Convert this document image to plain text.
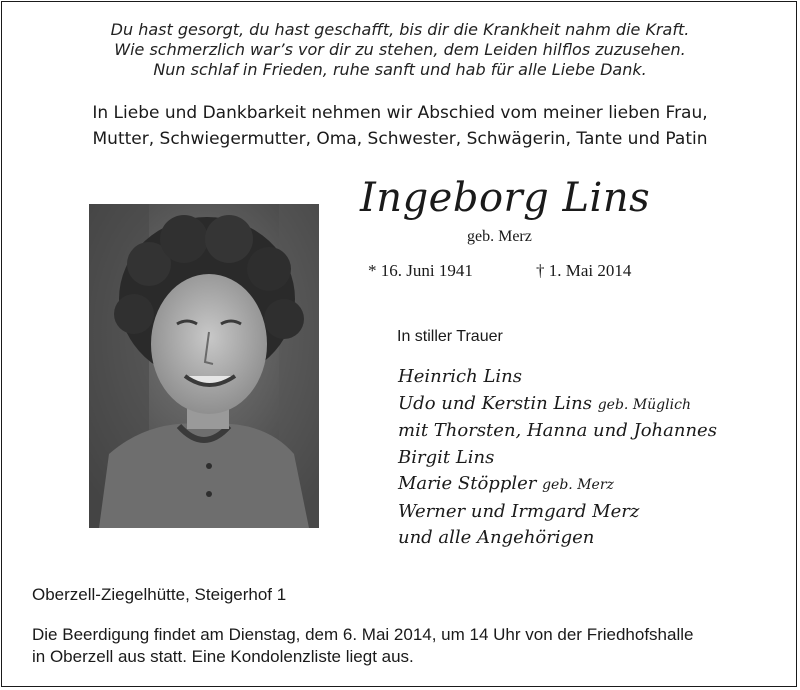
Du hast gesorgt, du hast geschafft, bis dir die Krankheit nahm die Kraft.
Wie schmerzlich war’s vor dir zu stehen, dem Leiden hilflos zuzusehen.
Nun schlaf in Frieden, ruhe sanft und hab für alle Liebe Dank.
In Liebe und Dankbarkeit nehmen wir Abschied vom meiner lieben Frau,
Mutter, Schwiegermutter, Oma, Schwester, Schwägerin, Tante und Patin
Ingeborg Lins
geb. Merz
* 16. Juni 1941	† 1. Mai 2014
In stiller Trauer
Heinrich Lins
Udo und Kerstin Lins geb. Müglich
mit Thorsten, Hanna und Johannes
Birgit Lins
Marie Stöppler geb. Merz
Werner und Irmgard Merz
und alle Angehörigen
Oberzell-Ziegelhütte, Steigerhof 1
Die Beerdigung findet am Dienstag, dem 6. Mai 2014, um 14 Uhr von der Friedhofshalle
in Oberzell aus statt. Eine Kondolenzliste liegt aus.
